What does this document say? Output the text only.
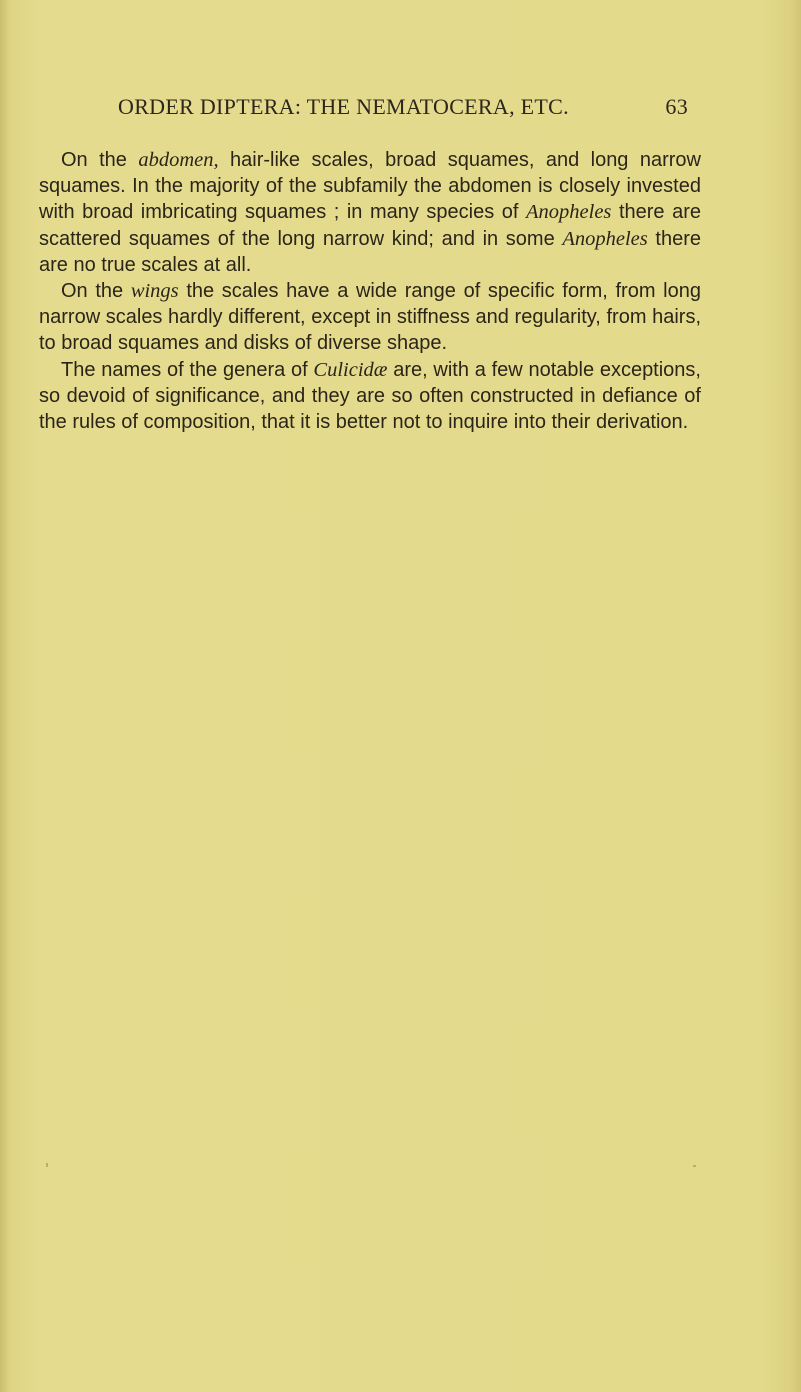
ORDER DIPTERA: THE NEMATOCERA, ETC.	63

On the abdomen, hair-like scales, broad squames, and long narrow squames. In the majority of the subfamily the abdomen is closely invested with broad imbricating squames ; in many species of Anopheles there are scattered squames of the long narrow kind; and in some Anopheles there are no true scales at all.

On the wings the scales have a wide range of specific form, from long narrow scales hardly different, except in stiffness and regularity, from hairs, to broad squames and disks of diverse shape.

The names of the genera of Culicidæ are, with a few notable exceptions, so devoid of significance, and they are so often constructed in defiance of the rules of composition, that it is better not to inquire into their derivation.
